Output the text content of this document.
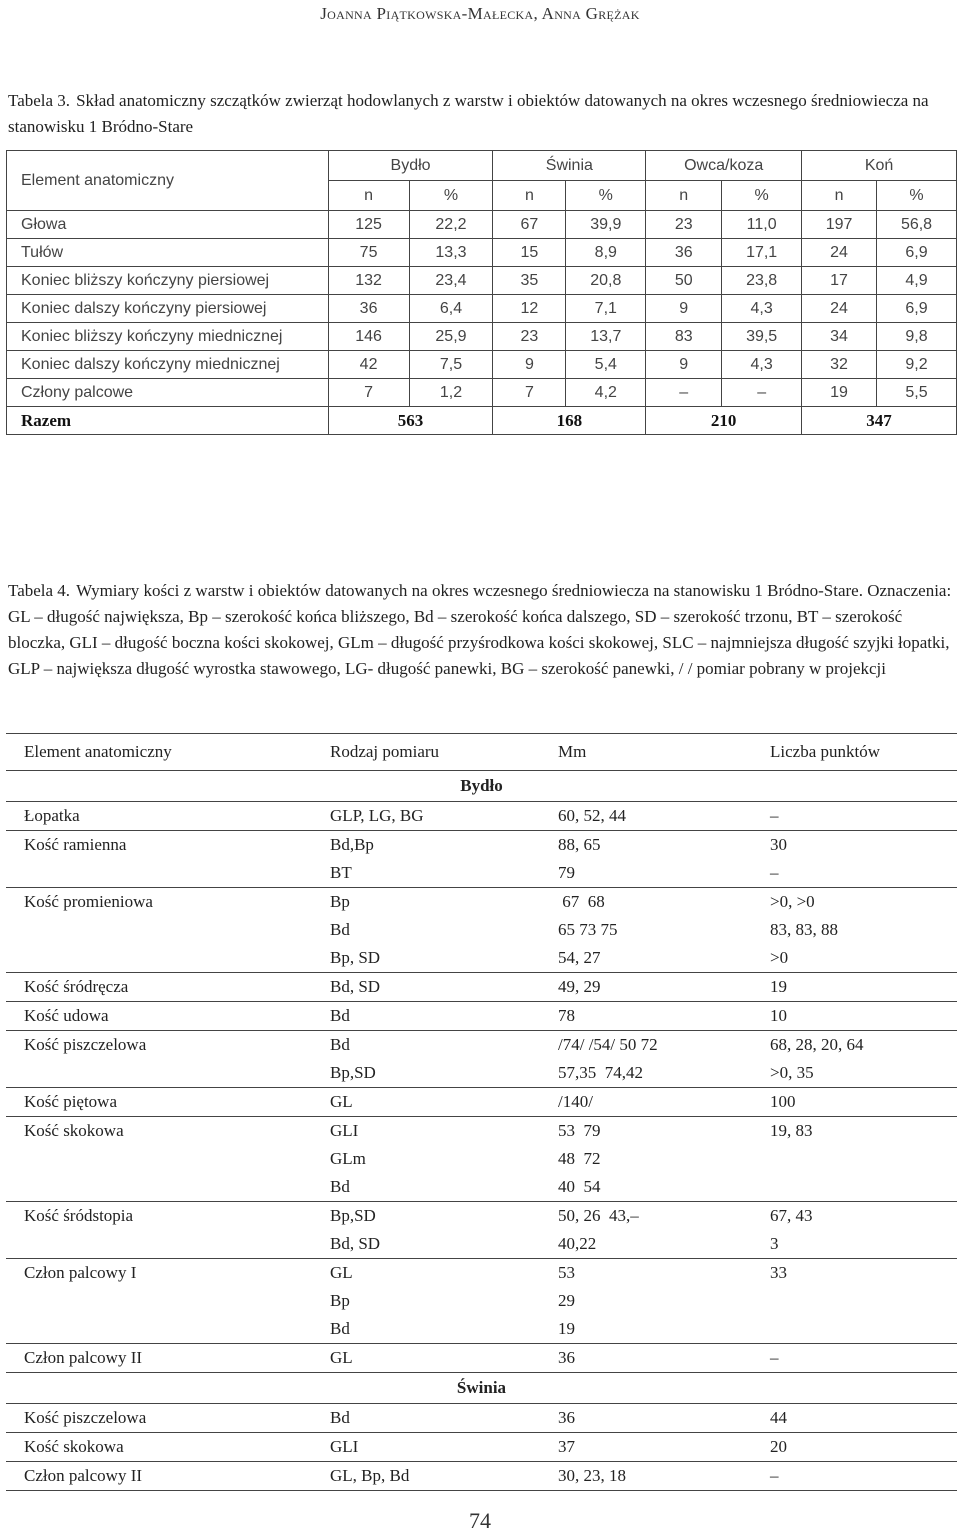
Joanna Piątkowska-Małecka, Anna Grężak
Tabela 3. Skład anatomiczny szczątków zwierząt hodowlanych z warstw i obiektów datowanych na okres wczesnego średniowiecza na stanowisku 1 Bródno-Stare
Element anatomiczny	Bydło		Świnia		Owca/koza		Koń	
	n	%	n	%	n	%	n	%
Głowa	125	22,2	67	39,9	23	11,0	197	56,8
Tułów	75	13,3	15	8,9	36	17,1	24	6,9
Koniec bliższy kończyny piersiowej	132	23,4	35	20,8	50	23,8	17	4,9
Koniec dalszy kończyny piersiowej	36	6,4	12	7,1	9	4,3	24	6,9
Koniec bliższy kończyny miednicznej	146	25,9	23	13,7	83	39,5	34	9,8
Koniec dalszy kończyny miednicznej	42	7,5	9	5,4	9	4,3	32	9,2
Człony palcowe	7	1,2	7	4,2	–	–	19	5,5
Razem	563		168		210		347	
Tabela 4. Wymiary kości z warstw i obiektów datowanych na okres wczesnego średniowiecza na stanowisku 1 Bródno-Stare. Oznaczenia: GL – długość największa, Bp – szerokość końca bliższego, Bd – szerokość końca dalszego, SD – szerokość trzonu, BT – szerokość bloczka, GLI – długość boczna kości skokowej, GLm – długość przyśrodkowa kości skokowej, SLC – najmniejsza długość szyjki łopatki, GLP – największa długość wyrostka stawowego, LG- długość panewki, BG – szerokość panewki, / / pomiar pobrany w projekcji
Element anatomiczny	Rodzaj pomiaru	Mm	Liczba punktów
Bydło			
Łopatka	GLP, LG, BG	60, 52, 44	–
Kość ramienna	Bd,Bp	88, 65	30
	BT	79	–
Kość promieniowa	Bp	67  68	>0, >0
	Bd	65 73 75	83, 83, 88
	Bp, SD	54, 27	>0
Kość śródręcza	Bd, SD	49, 29	19
Kość udowa	Bd	78	10
Kość piszczelowa	Bd	/74/ /54/ 50 72	68, 28, 20, 64
	Bp,SD	57,35  74,42	>0, 35
Kość piętowa	GL	/140/	100
Kość skokowa	GLI	53  79	19, 83
	GLm	48  72	
	Bd	40  54	
Kość śródstopia	Bp,SD	50, 26  43,–	67, 43
	Bd, SD	40,22	3
Człon palcowy I	GL	53	33
	Bp	29	
	Bd	19	
Człon palcowy II	GL	36	–
Świnia			
Kość piszczelowa	Bd	36	44
Kość skokowa	GLI	37	20
Człon palcowy II	GL, Bp, Bd	30, 23, 18	–
74
